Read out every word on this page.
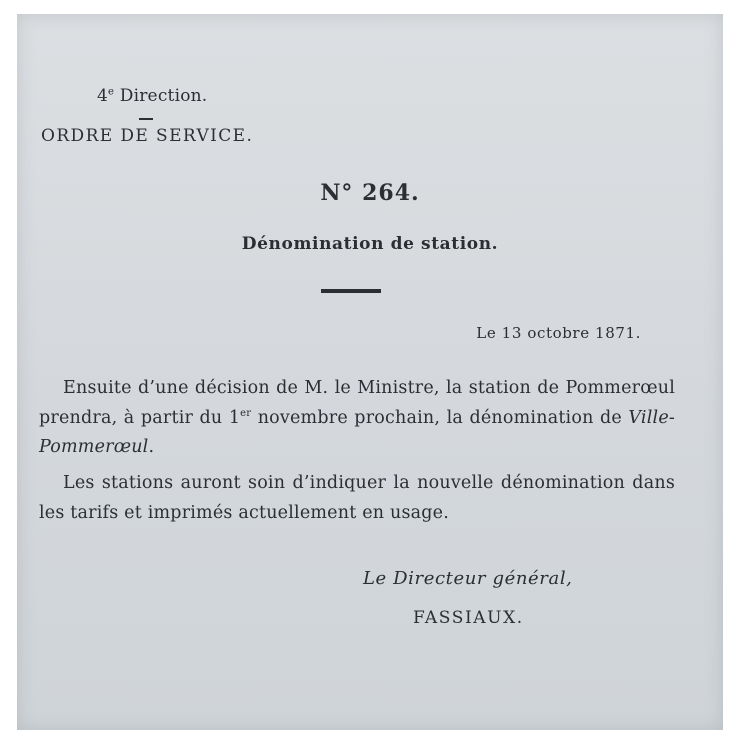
4e Direction.
ORDRE DE SERVICE.
N° 264.
Dénomination de station.
Le 13 octobre 1871.
Ensuite d’une décision de M. le Ministre, la station de Pommerœul prendra, à partir du 1er novembre prochain, la dénomination de Ville-Pommerœul.
Les stations auront soin d’indiquer la nouvelle dénomination dans les tarifs et imprimés actuellement en usage.
Le Directeur général,
FASSIAUX.
